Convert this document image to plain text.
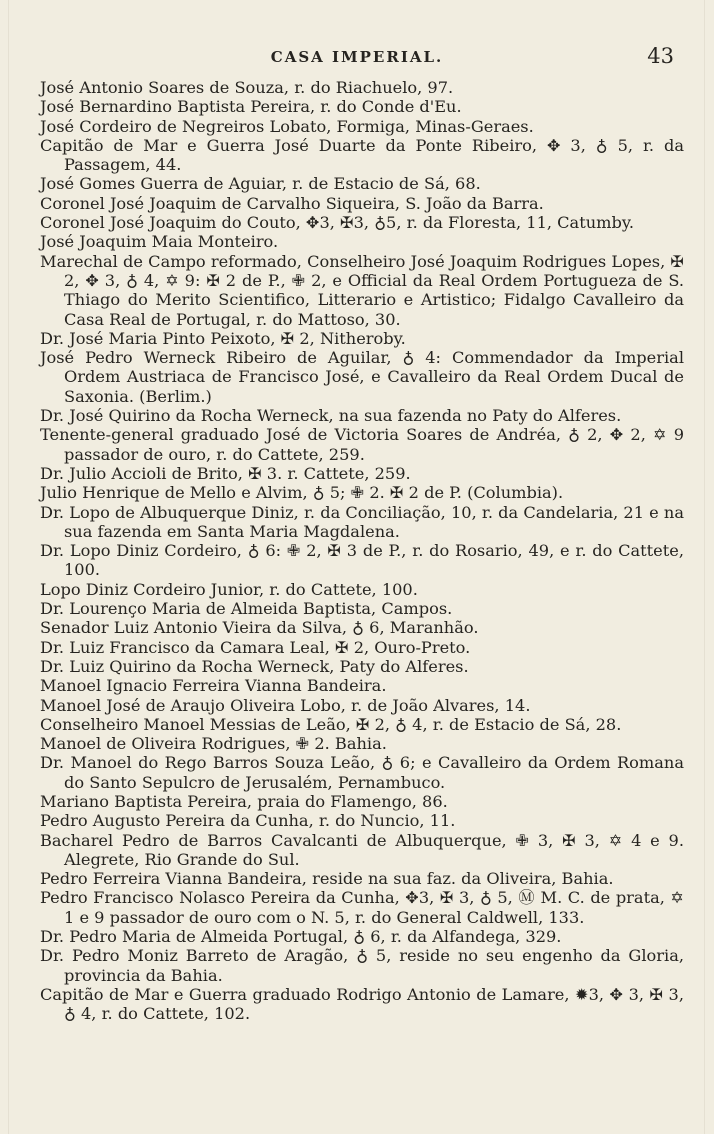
CASA IMPERIAL.	43
José Antonio Soares de Souza, r. do Riachuelo, 97.
José Bernardino Baptista Pereira, r. do Conde d'Eu.
José Cordeiro de Negreiros Lobato, Formiga, Minas-Geraes.
Capitão de Mar e Guerra José Duarte da Ponte Ribeiro, ✥ 3, ♁ 5, r. da Passagem, 44.
José Gomes Guerra de Aguiar, r. de Estacio de Sá, 68.
Coronel José Joaquim de Carvalho Siqueira, S. João da Barra.
Coronel José Joaquim do Couto, ✥3, ✠3, ♁5, r. da Floresta, 11, Catumby.
José Joaquim Maia Monteiro.
Marechal de Campo reformado, Conselheiro José Joaquim Rodrigues Lopes, ✠ 2, ✥ 3, ♁ 4, ✡ 9: ✠ 2 de P., ✙ 2, e Official da Real Ordem Portugueza de S. Thiago do Merito Scientifico, Litterario e Artistico; Fidalgo Cavalleiro da Casa Real de Portugal, r. do Mattoso, 30.
Dr. José Maria Pinto Peixoto, ✠ 2, Nitheroby.
José Pedro Werneck Ribeiro de Aguilar, ♁ 4: Commendador da Imperial Ordem Austriaca de Francisco José, e Cavalleiro da Real Ordem Ducal de Saxonia. (Berlim.)
Dr. José Quirino da Rocha Werneck, na sua fazenda no Paty do Alferes.
Tenente-general graduado José de Victoria Soares de Andréa, ♁ 2, ✥ 2, ✡ 9 passador de ouro, r. do Cattete, 259.
Dr. Julio Accioli de Brito, ✠ 3. r. Cattete, 259.
Julio Henrique de Mello e Alvim, ♁ 5; ✙ 2. ✠ 2 de P. (Columbia).
Dr. Lopo de Albuquerque Diniz, r. da Conciliação, 10, r. da Candelaria, 21 e na sua fazenda em Santa Maria Magdalena.
Dr. Lopo Diniz Cordeiro, ♁ 6: ✙ 2, ✠ 3 de P., r. do Rosario, 49, e r. do Cattete, 100.
Lopo Diniz Cordeiro Junior, r. do Cattete, 100.
Dr. Lourenço Maria de Almeida Baptista, Campos.
Senador Luiz Antonio Vieira da Silva, ♁ 6, Maranhão.
Dr. Luiz Francisco da Camara Leal, ✠ 2, Ouro-Preto.
Dr. Luiz Quirino da Rocha Werneck, Paty do Alferes.
Manoel Ignacio Ferreira Vianna Bandeira.
Manoel José de Araujo Oliveira Lobo, r. de João Alvares, 14.
Conselheiro Manoel Messias de Leão, ✠ 2, ♁ 4, r. de Estacio de Sá, 28.
Manoel de Oliveira Rodrigues, ✙ 2. Bahia.
Dr. Manoel do Rego Barros Souza Leão, ♁ 6; e Cavalleiro da Ordem Romana do Santo Sepulcro de Jerusalém, Pernambuco.
Mariano Baptista Pereira, praia do Flamengo, 86.
Pedro Augusto Pereira da Cunha, r. do Nuncio, 11.
Bacharel Pedro de Barros Cavalcanti de Albuquerque, ✙ 3, ✠ 3, ✡ 4 e 9. Alegrete, Rio Grande do Sul.
Pedro Ferreira Vianna Bandeira, reside na sua faz. da Oliveira, Bahia.
Pedro Francisco Nolasco Pereira da Cunha, ✥3, ✠ 3, ♁ 5, Ⓜ M. C. de prata, ✡ 1 e 9 passador de ouro com o N. 5, r. do General Caldwell, 133.
Dr. Pedro Maria de Almeida Portugal, ♁ 6, r. da Alfandega, 329.
Dr. Pedro Moniz Barreto de Aragão, ♁ 5, reside no seu engenho da Gloria, provincia da Bahia.
Capitão de Mar e Guerra graduado Rodrigo Antonio de Lamare, ✹3, ✥ 3, ✠ 3, ♁ 4, r. do Cattete, 102.
